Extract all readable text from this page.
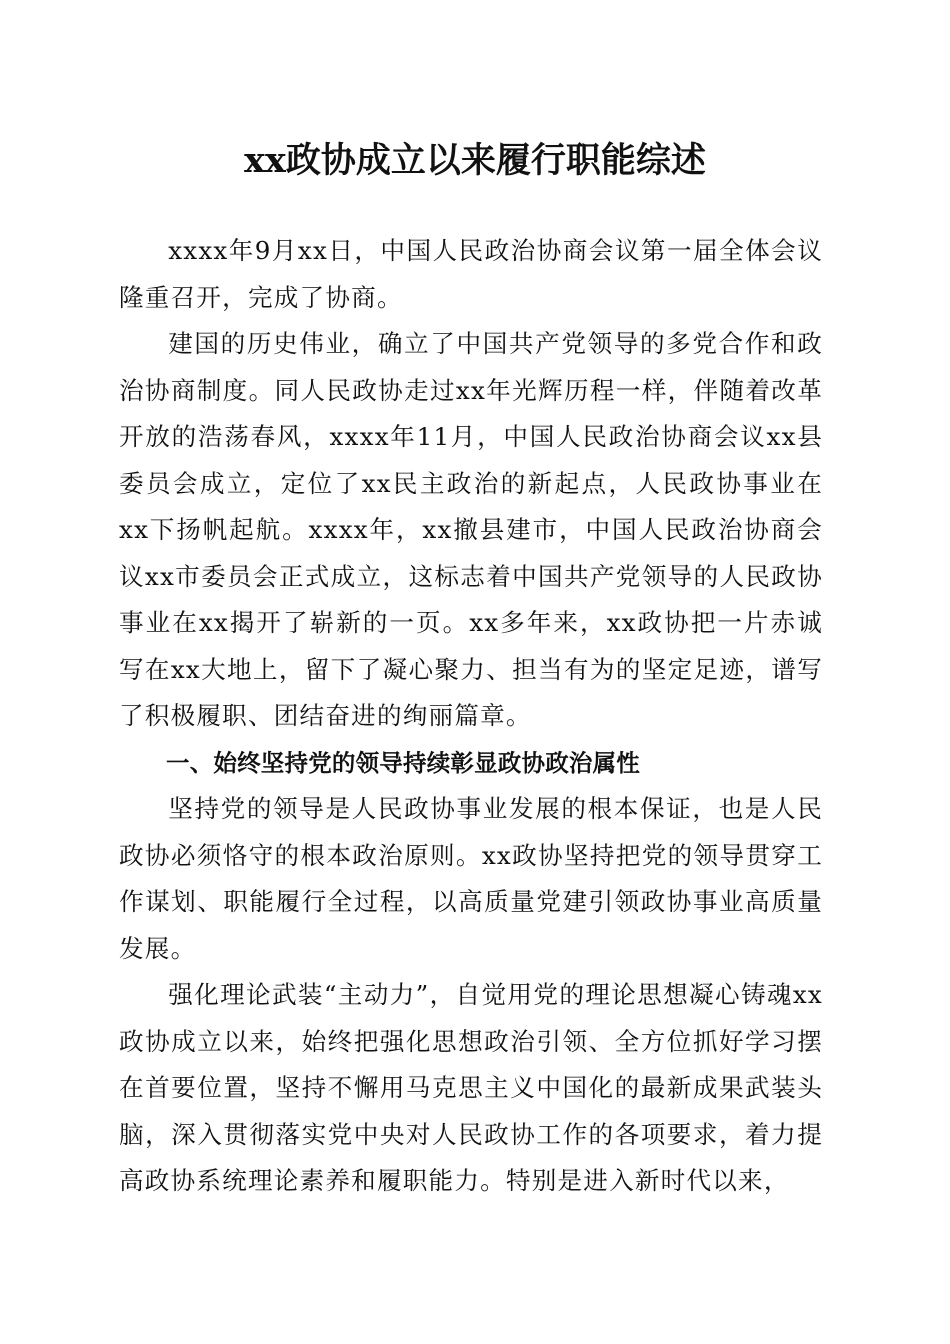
xx政协成立以来履行职能综述

xxxx年9月xx日，中国人民政治协商会议第一届全体会议隆重召开，完成了协商。

建国的历史伟业，确立了中国共产党领导的多党合作和政治协商制度。同人民政协走过xx年光辉历程一样，伴随着改革开放的浩荡春风，xxxx年11月，中国人民政治协商会议xx县委员会成立，定位了xx民主政治的新起点，人民政协事业在xx下扬帆起航。xxxx年，xx撤县建市，中国人民政治协商会议xx市委员会正式成立，这标志着中国共产党领导的人民政协事业在xx揭开了崭新的一页。xx多年来，xx政协把一片赤诚写在xx大地上，留下了凝心聚力、担当有为的坚定足迹，谱写了积极履职、团结奋进的绚丽篇章。

一、始终坚持党的领导持续彰显政协政治属性

坚持党的领导是人民政协事业发展的根本保证，也是人民政协必须恪守的根本政治原则。xx政协坚持把党的领导贯穿工作谋划、职能履行全过程，以高质量党建引领政协事业高质量发展。

强化理论武装“主动力”，自觉用党的理论思想凝心铸魂xx政协成立以来，始终把强化思想政治引领、全方位抓好学习摆在首要位置，坚持不懈用马克思主义中国化的最新成果武装头脑，深入贯彻落实党中央对人民政协工作的各项要求，着力提高政协系统理论素养和履职能力。特别是进入新时代以来，
